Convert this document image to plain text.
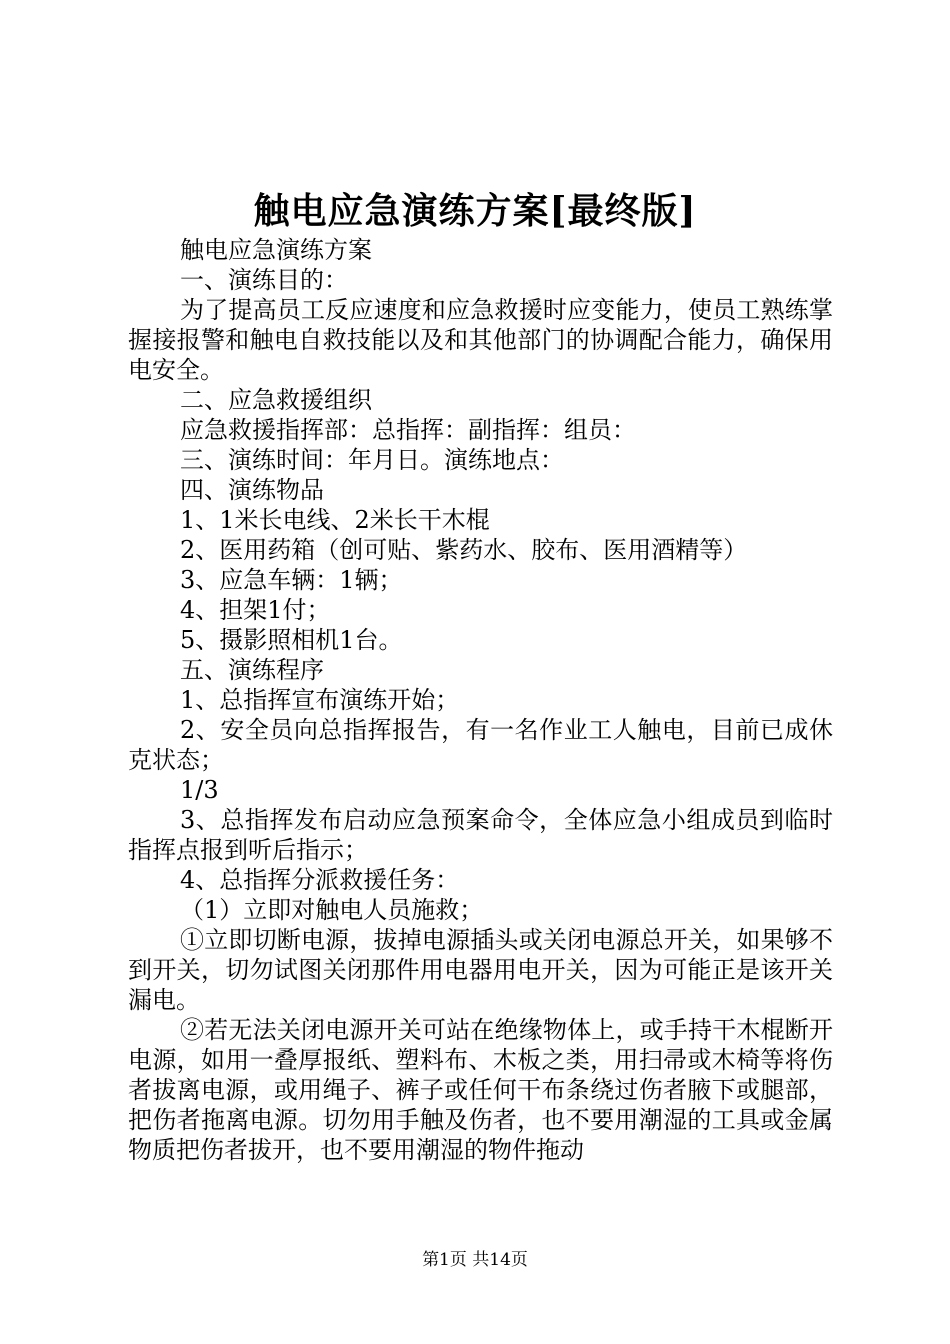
触电应急演练方案[最终版]

触电应急演练方案

一、演练目的：

为了提高员工反应速度和应急救援时应变能力，使员工熟练掌握接报警和触电自救技能以及和其他部门的协调配合能力，确保用电安全。

二、应急救援组织

应急救援指挥部：总指挥：副指挥：组员：

三、演练时间：年月日。演练地点：

四、演练物品

1、1米长电线、2米长干木棍

2、医用药箱（创可贴、紫药水、胶布、医用酒精等）

3、应急车辆：1辆；

4、担架1付；

5、摄影照相机1台。

五、演练程序

1、总指挥宣布演练开始；

2、安全员向总指挥报告，有一名作业工人触电，目前已成休克状态；

1/3

3、总指挥发布启动应急预案命令，全体应急小组成员到临时指挥点报到听后指示；

4、总指挥分派救援任务：

（1）立即对触电人员施救；

①立即切断电源，拔掉电源插头或关闭电源总开关，如果够不到开关，切勿试图关闭那件用电器用电开关，因为可能正是该开关漏电。

②若无法关闭电源开关可站在绝缘物体上，或手持干木棍断开电源，如用一叠厚报纸、塑料布、木板之类，用扫帚或木椅等将伤者拔离电源，或用绳子、裤子或任何干布条绕过伤者腋下或腿部，把伤者拖离电源。切勿用手触及伤者，也不要用潮湿的工具或金属物质把伤者拔开，也不要用潮湿的物件拖动

第1页 共14页
